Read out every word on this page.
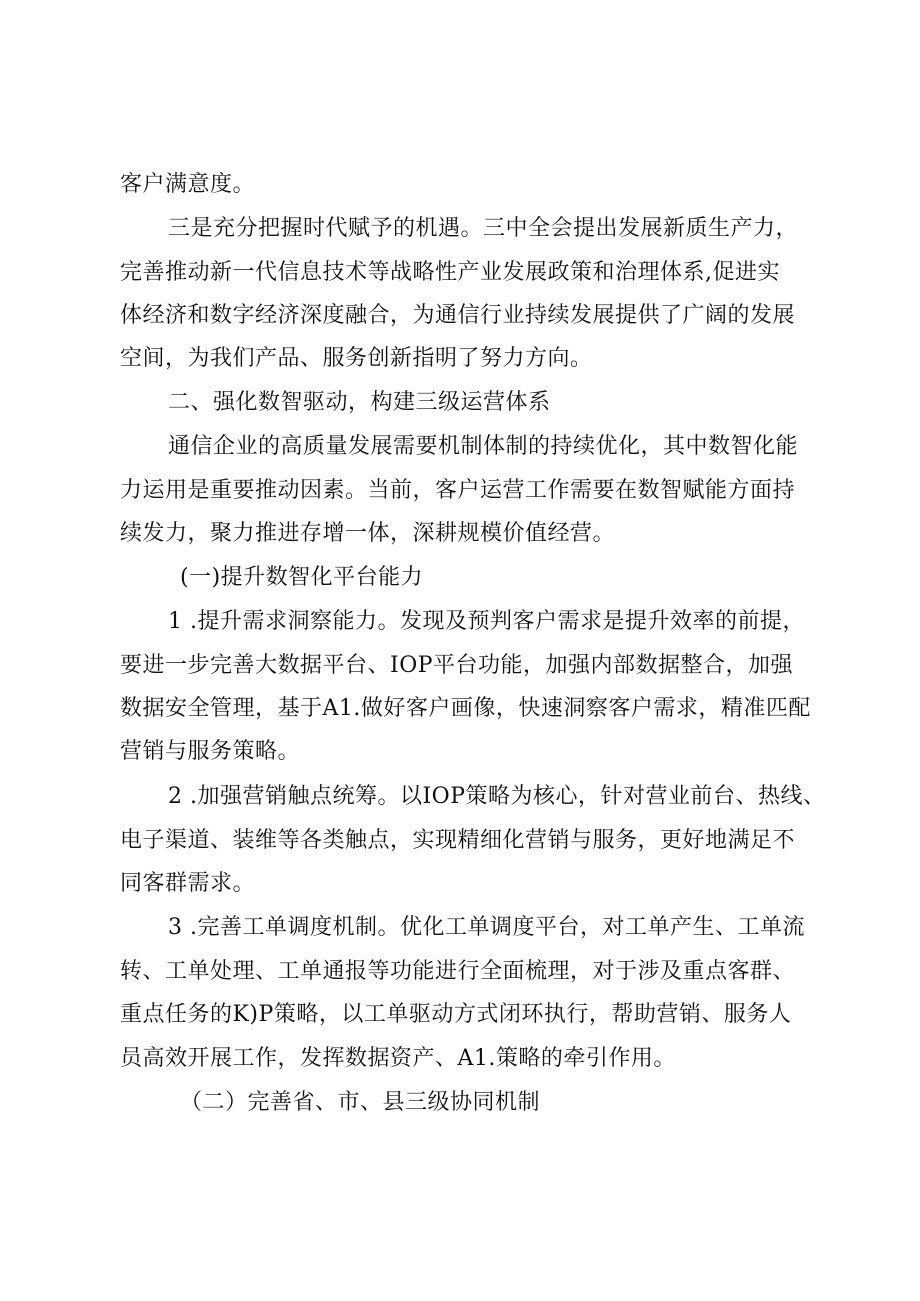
客户满意度。
三是充分把握时代赋予的机遇。三中全会提出发展新质生产力，
完善推动新一代信息技术等战略性产业发展政策和治理体系,促进实
体经济和数字经济深度融合，为通信行业持续发展提供了广阔的发展
空间，为我们产品、服务创新指明了努力方向。
二、强化数智驱动，构建三级运营体系
通信企业的高质量发展需要机制体制的持续优化，其中数智化能
力运用是重要推动因素。当前，客户运营工作需要在数智赋能方面持
续发力，聚力推进存增一体，深耕规模价值经营。
(一)提升数智化平台能力
1 .提升需求洞察能力。发现及预判客户需求是提升效率的前提，
要进一步完善大数据平台、IOP平台功能，加强内部数据整合，加强
数据安全管理，基于A1.做好客户画像，快速洞察客户需求，精准匹配
营销与服务策略。
2 .加强营销触点统筹。以IOP策略为核心，针对营业前台、热线、
电子渠道、装维等各类触点，实现精细化营销与服务，更好地满足不
同客群需求。
3 .完善工单调度机制。优化工单调度平台，对工单产生、工单流
转、工单处理、工单通报等功能进行全面梳理，对于涉及重点客群、
重点任务的K)P策略，以工单驱动方式闭环执行，帮助营销、服务人
员高效开展工作，发挥数据资产、A1.策略的牵引作用。
（二）完善省、市、县三级协同机制
